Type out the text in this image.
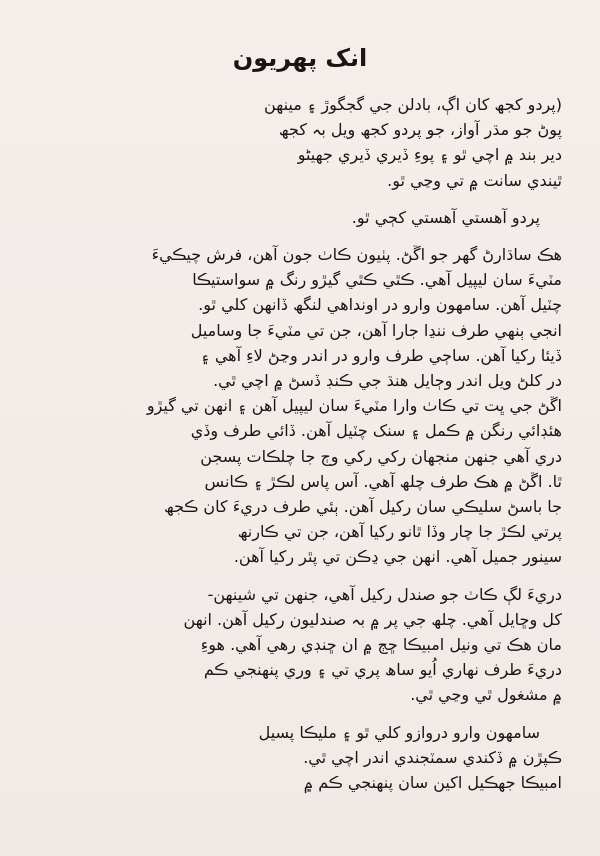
انک پهريون

(پردو کجھ کان اڳ، بادلن جي گجگوڙ ۽ مينهن
پوڻ جو مڌر آواز، جو پردو کجھ ويل بہ کجھ
دير بند ۾ اچي ٿو ۽ پوءِ ڏيري ڏيري جهيڻو
ٿيندي سانت ۾ تي وڃي ٿو.

پردو آهستي آهستي کڄي ٿو.

هڪ ساڌارڻ گهر جو اڱڻ. پٺيون ڪاٺ جون آهن، فرش چيڪيءَ
مٽيءَ سان ليپيل آهي. ڪٿي ڪٿي گيڙو رنگ ۾ سواستيڪا
چٽيل آهن. سامهون وارو در اونداهي لنگھ ڏانهن کلي ٿو.
انجي ٻنهي طرف ننڍا جارا آهن، جن تي مٽيءَ جا وساميل
ڏيئا رکيا آهن. ساڄي طرف وارو در اندر وڃڻ لاءِ آهي ۽
در کلڻ ويل اندر وڄايل هنڌ جي ڪنڊ ڏسڻ ۾ اچي ٿي.
اڱڻ جي ڀت تي ڪاٺ وارا مٽيءَ سان ليپيل آهن ۽ انهن تي گيڙو
هئڊائي رنگن ۾ ڪمل ۽ سنک چٽيل آهن. ڏائي طرف وڏي
دري آهي جنهن منجهان رکي رکي وڄ جا چلڪات پسجن
ٿا. اڱڻ ۾ هڪ طرف چلھ آهي. آس پاس لڪڙ ۽ ڪانس
جا باسڻ سليڪي سان رکيل آهن. ٻئي طرف دريءَ کان ڪجھ
پرتي لڪڙ جا چار وڏا ٿانو رکيا آهن، جن تي ڪارنھ
سينور جميل آهي. انهن جي ڍڪن تي پٿر رکيا آهن.

دريءَ لڳ ڪاٺ جو صندل رکيل آهي، جنهن تي شينهن-
کل وڇايل آهي. چلھ جي پر ۾ بہ صندليون رکيل آهن. انهن
مان هڪ تي ونيل امبيڪا ڇڄ ۾ ان ڇنڊي رهي آهي. هوءِ
دريءَ طرف نهاري اُيو ساھ پري تي ۽ وري پنهنجي ڪم
۾ مشغول ٿي وڃي ٿي.

سامهون وارو دروازو کلي ٿو ۽ مليڪا پسيل
ڪپڙن ۾ ڏکندي سمٽجندي اندر اچي ٿي.
امبيڪا جهڪيل اکين سان پنهنجي ڪم ۾
